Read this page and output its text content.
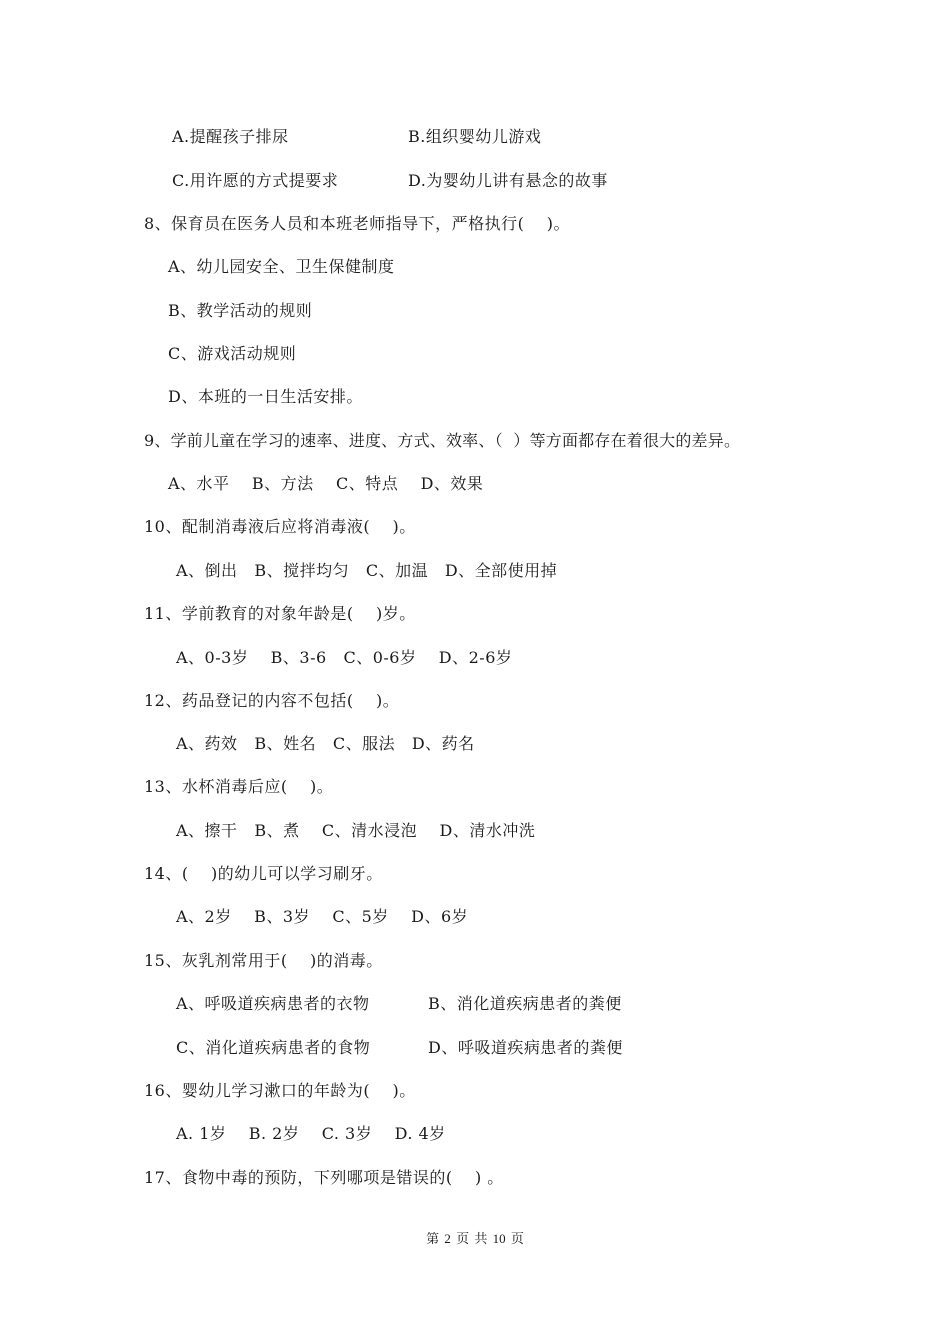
A.提醒孩子排尿	B.组织婴幼儿游戏
C.用许愿的方式提要求	D.为婴幼儿讲有悬念的故事
8、保育员在医务人员和本班老师指导下，严格执行(    )。
A、幼儿园安全、卫生保健制度
B、教学活动的规则
C、游戏活动规则
D、本班的一日生活安排。
9、学前儿童在学习的速率、进度、方式、效率、（  ）等方面都存在着很大的差异。
A、水平    B、方法    C、特点    D、效果
10、配制消毒液后应将消毒液(    )。
A、倒出   B、搅拌均匀   C、加温   D、全部使用掉
11、学前教育的对象年龄是(    )岁。
A、0-3岁    B、3-6   C、0-6岁    D、2-6岁
12、药品登记的内容不包括(    )。
A、药效   B、姓名   C、服法   D、药名
13、水杯消毒后应(    )。
A、擦干   B、煮    C、清水浸泡    D、清水冲洗
14、(    )的幼儿可以学习刷牙。
A、2岁    B、3岁    C、5岁    D、6岁
15、灰乳剂常用于(    )的消毒。
A、呼吸道疾病患者的衣物	B、消化道疾病患者的粪便
C、消化道疾病患者的食物	D、呼吸道疾病患者的粪便
16、婴幼儿学习漱口的年龄为(    )。
A. 1岁    B. 2岁    C. 3岁    D. 4岁
17、食物中毒的预防，下列哪项是错误的(    ) 。
第 2 页 共 10 页
